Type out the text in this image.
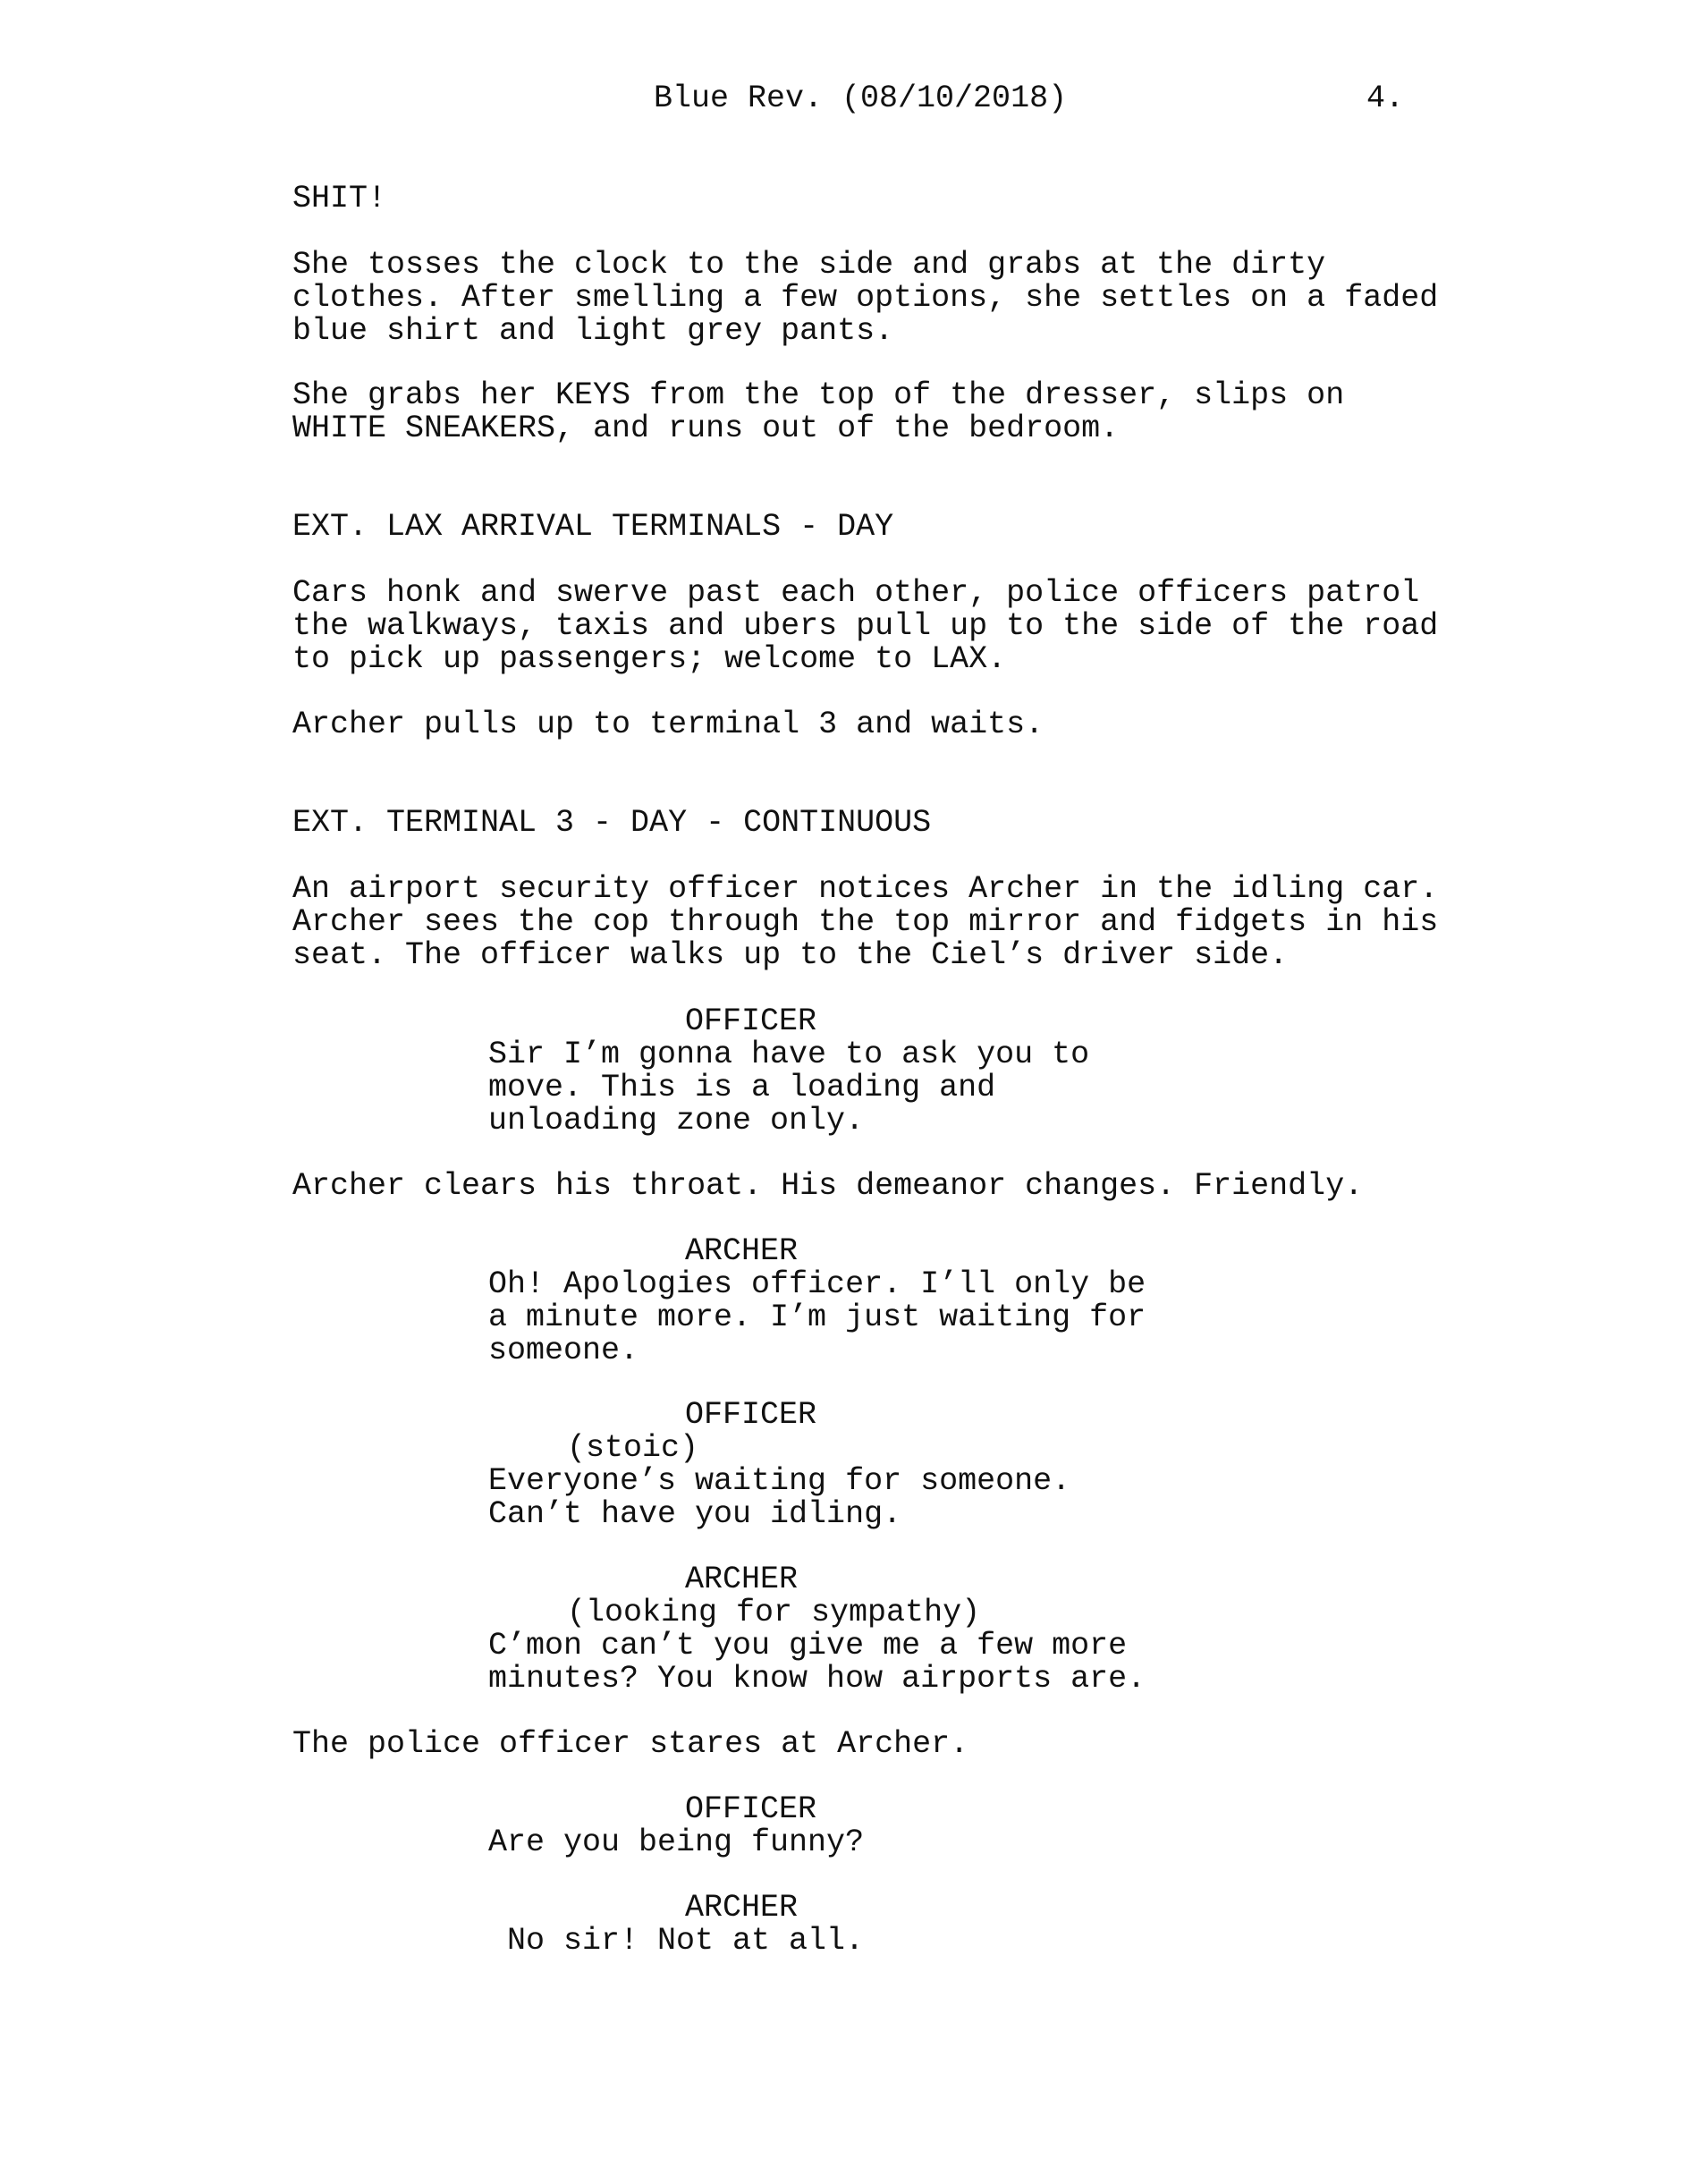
Blue Rev. (08/10/2018)	4.
SHIT!
She tosses the clock to the side and grabs at the dirty
clothes. After smelling a few options, she settles on a faded
blue shirt and light grey pants.
She grabs her KEYS from the top of the dresser, slips on
WHITE SNEAKERS, and runs out of the bedroom.
EXT. LAX ARRIVAL TERMINALS - DAY
Cars honk and swerve past each other, police officers patrol
the walkways, taxis and ubers pull up to the side of the road
to pick up passengers; welcome to LAX.
Archer pulls up to terminal 3 and waits.
EXT. TERMINAL 3 - DAY - CONTINUOUS
An airport security officer notices Archer in the idling car.
Archer sees the cop through the top mirror and fidgets in his
seat. The officer walks up to the Ciel’s driver side.
OFFICER
Sir I’m gonna have to ask you to
move. This is a loading and
unloading zone only.
Archer clears his throat. His demeanor changes. Friendly.
ARCHER
Oh! Apologies officer. I’ll only be
a minute more. I’m just waiting for
someone.
OFFICER
(stoic)
Everyone’s waiting for someone.
Can’t have you idling.
ARCHER
(looking for sympathy)
C’mon can’t you give me a few more
minutes? You know how airports are.
The police officer stares at Archer.
OFFICER
Are you being funny?
ARCHER
No sir! Not at all.
